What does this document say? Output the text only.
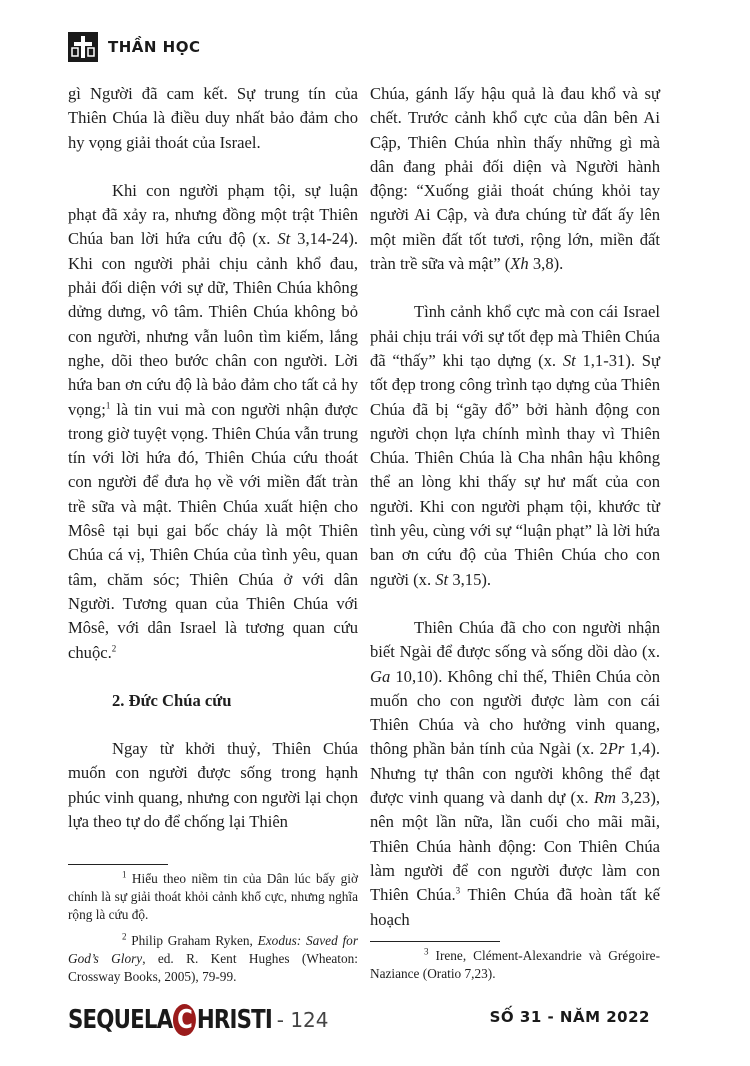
THẦN HỌC

gì Người đã cam kết. Sự trung tín của Thiên Chúa là điều duy nhất bảo đảm cho hy vọng giải thoát của Israel.

Khi con người phạm tội, sự luận phạt đã xảy ra, nhưng đồng một trật Thiên Chúa ban lời hứa cứu độ (x. St 3,14-24). Khi con người phải chịu cảnh khổ đau, phải đối diện với sự dữ, Thiên Chúa không dửng dưng, vô tâm. Thiên Chúa không bỏ con người, nhưng vẫn luôn tìm kiếm, lắng nghe, dõi theo bước chân con người. Lời hứa ban ơn cứu độ là bảo đảm cho tất cả hy vọng;$^1$ là tin vui mà con người nhận được trong giờ tuyệt vọng. Thiên Chúa vẫn trung tín với lời hứa đó, Thiên Chúa cứu thoát con người để đưa họ về với miền đất tràn trề sữa và mật. Thiên Chúa xuất hiện cho Môsê tại bụi gai bốc cháy là một Thiên Chúa cá vị, Thiên Chúa của tình yêu, quan tâm, chăm sóc; Thiên Chúa ở với dân Người. Tương quan của Thiên Chúa với Môsê, với dân Israel là tương quan cứu chuộc.$^2$

2. Đức Chúa cứu

Ngay từ khởi thuỷ, Thiên Chúa muốn con người được sống trong hạnh phúc vinh quang, nhưng con người lại chọn lựa theo tự do để chống lại Thiên

Chúa, gánh lấy hậu quả là đau khổ và sự chết. Trước cảnh khổ cực của dân bên Ai Cập, Thiên Chúa nhìn thấy những gì mà dân đang phải đối diện và Người hành động: “Xuống giải thoát chúng khỏi tay người Ai Cập, và đưa chúng từ đất ấy lên một miền đất tốt tươi, rộng lớn, miền đất tràn trề sữa và mật” (Xh 3,8).

Tình cảnh khổ cực mà con cái Israel phải chịu trái với sự tốt đẹp mà Thiên Chúa đã “thấy” khi tạo dựng (x. St 1,1-31). Sự tốt đẹp trong công trình tạo dựng của Thiên Chúa đã bị “gãy đổ” bởi hành động con người chọn lựa chính mình thay vì Thiên Chúa. Thiên Chúa là Cha nhân hậu không thể an lòng khi thấy sự hư mất của con người. Khi con người phạm tội, khước từ tình yêu, cùng với sự “luận phạt” là lời hứa ban ơn cứu độ của Thiên Chúa cho con người (x. St 3,15).

Thiên Chúa đã cho con người nhận biết Ngài để được sống và sống dồi dào (x. Ga 10,10). Không chỉ thế, Thiên Chúa còn muốn cho con người được làm con cái Thiên Chúa và cho hưởng vinh quang, thông phần bản tính của Ngài (x. 2Pr 1,4). Nhưng tự thân con người không thể đạt được vinh quang và danh dự (x. Rm 3,23), nên một lần nữa, lần cuối cho mãi mãi, Thiên Chúa hành động: Con Thiên Chúa làm người để con người được làm con Thiên Chúa.$^3$ Thiên Chúa đã hoàn tất kế hoạch

$^1$ Hiểu theo niềm tin của Dân lúc bấy giờ chính là sự giải thoát khỏi cảnh khổ cực, nhưng nghĩa rộng là cứu độ.

$^2$ Philip Graham Ryken, Exodus: Saved for God’s Glory, ed. R. Kent Hughes (Wheaton: Crossway Books, 2005), 79-99.

$^3$ Irene, Clément-Alexandrie và Grégoire-Naziance (Oratio 7,23).

SEQUELA C HRISTI - 124	SỐ 31 - NĂM 2022
